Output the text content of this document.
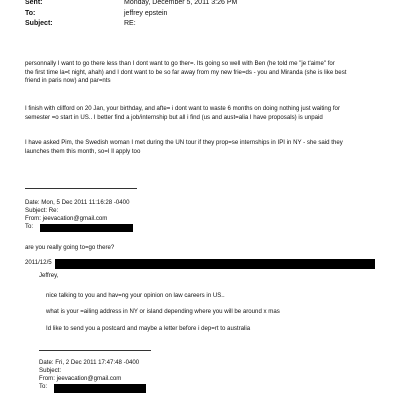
Sent:	Monday, December 5, 2011 3:26 PM
To:	jeffrey epstein
Subject:	RE:
personnally I want to go there less than I dont want to go ther=. Its going so well with Ben (he told me "je t'aime" for
the first time la=t night, ahah) and I dont want to be so far away from my new frie=ds - you and Miranda (she is like best
friend in paris now) and par=nts
I finish with clifford on 20 Jan, your birthday, and afte= i dont want to waste 6 months on doing nothing just waiting for
semester =o start in US.. I better find a job/internship but all i find (us and aust=alia I have proposals) is unpaid
I have asked Pim, the Swedish woman I met during the UN tour if they prop=se internships in IPI in NY - she said they
launches them this month, so=I ll apply too
Date: Mon, 5 Dec 2011 11:16:28 -0400
Subject: Re:
From: jeevacation@gmail.com
To:
are you really going to=go there?
2011/12/5
Jeffrey,
nice talking to you and hav=ng your opinion on law careers in US..
what is your =ailing address in NY or island depending where you will be around x mas
Id like to send you a postcard and maybe a letter before i dep=rt to australia
Date: Fri, 2 Dec 2011 17:47:48 -0400
Subject:
From: jeevacation@gmail.com
To:
